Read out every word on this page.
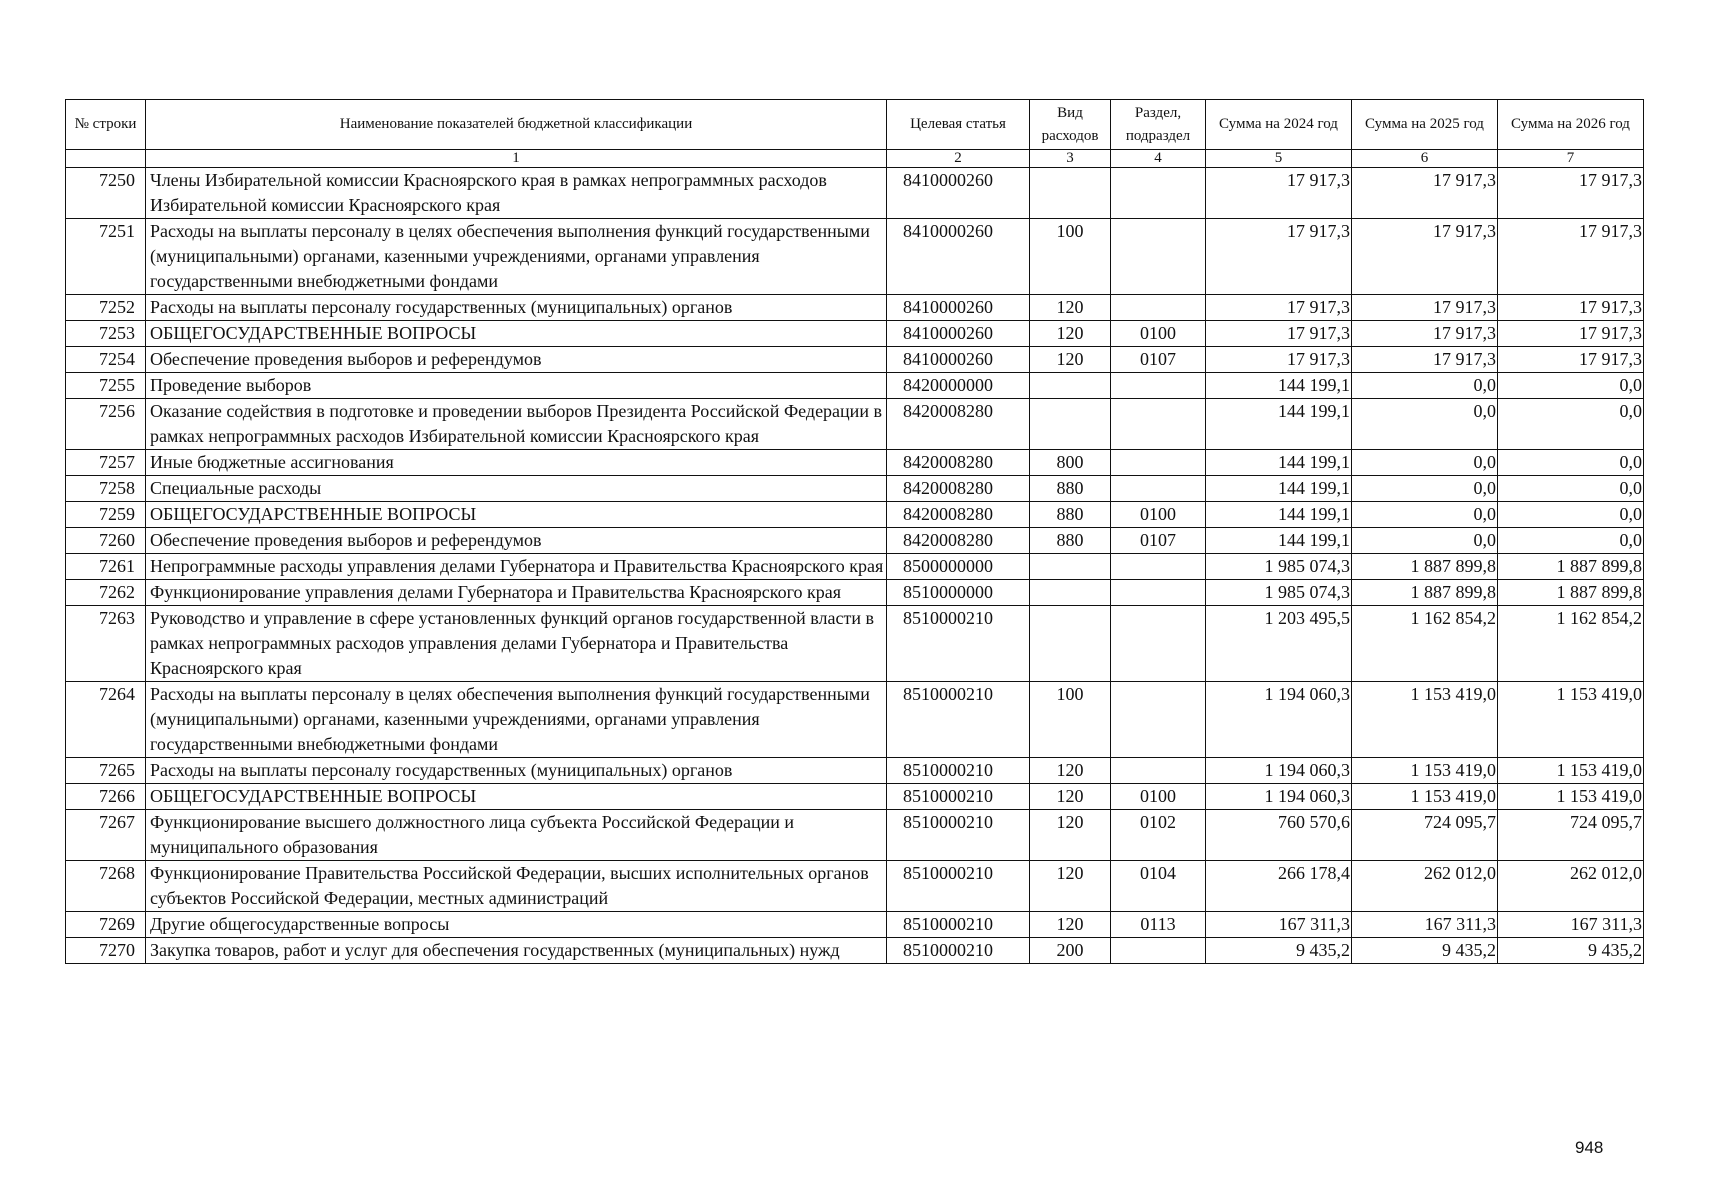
№ строки	Наименование показателей бюджетной классификации	Целевая статья	Вид расходов	Раздел, подраздел	Сумма на 2024 год	Сумма на 2025 год	Сумма на 2026 год
	1	2	3	4	5	6	7
7250	Члены Избирательной комиссии Красноярского края в рамках непрограммных расходов Избирательной комиссии Красноярского края	8410000260			17 917,3	17 917,3	17 917,3
7251	Расходы на выплаты персоналу в целях обеспечения выполнения функций государственными (муниципальными) органами, казенными учреждениями, органами управления государственными внебюджетными фондами	8410000260	100		17 917,3	17 917,3	17 917,3
7252	Расходы на выплаты персоналу государственных (муниципальных) органов	8410000260	120		17 917,3	17 917,3	17 917,3
7253	ОБЩЕГОСУДАРСТВЕННЫЕ ВОПРОСЫ	8410000260	120	0100	17 917,3	17 917,3	17 917,3
7254	Обеспечение проведения выборов и референдумов	8410000260	120	0107	17 917,3	17 917,3	17 917,3
7255	Проведение выборов	8420000000			144 199,1	0,0	0,0
7256	Оказание содействия в подготовке и проведении выборов Президента Российской Федерации в рамках непрограммных расходов Избирательной комиссии Красноярского края	8420008280			144 199,1	0,0	0,0
7257	Иные бюджетные ассигнования	8420008280	800		144 199,1	0,0	0,0
7258	Специальные расходы	8420008280	880		144 199,1	0,0	0,0
7259	ОБЩЕГОСУДАРСТВЕННЫЕ ВОПРОСЫ	8420008280	880	0100	144 199,1	0,0	0,0
7260	Обеспечение проведения выборов и референдумов	8420008280	880	0107	144 199,1	0,0	0,0
7261	Непрограммные расходы управления делами Губернатора и Правительства Красноярского края	8500000000			1 985 074,3	1 887 899,8	1 887 899,8
7262	Функционирование управления делами Губернатора и Правительства Красноярского края	8510000000			1 985 074,3	1 887 899,8	1 887 899,8
7263	Руководство и управление в сфере установленных функций органов государственной власти в рамках непрограммных расходов управления делами Губернатора и Правительства Красноярского края	8510000210			1 203 495,5	1 162 854,2	1 162 854,2
7264	Расходы на выплаты персоналу в целях обеспечения выполнения функций государственными (муниципальными) органами, казенными учреждениями, органами управления государственными внебюджетными фондами	8510000210	100		1 194 060,3	1 153 419,0	1 153 419,0
7265	Расходы на выплаты персоналу государственных (муниципальных) органов	8510000210	120		1 194 060,3	1 153 419,0	1 153 419,0
7266	ОБЩЕГОСУДАРСТВЕННЫЕ ВОПРОСЫ	8510000210	120	0100	1 194 060,3	1 153 419,0	1 153 419,0
7267	Функционирование высшего должностного лица субъекта Российской Федерации и муниципального образования	8510000210	120	0102	760 570,6	724 095,7	724 095,7
7268	Функционирование Правительства Российской Федерации, высших исполнительных органов субъектов Российской Федерации, местных администраций	8510000210	120	0104	266 178,4	262 012,0	262 012,0
7269	Другие общегосударственные вопросы	8510000210	120	0113	167 311,3	167 311,3	167 311,3
7270	Закупка товаров, работ и услуг для обеспечения государственных (муниципальных) нужд	8510000210	200		9 435,2	9 435,2	9 435,2
948
